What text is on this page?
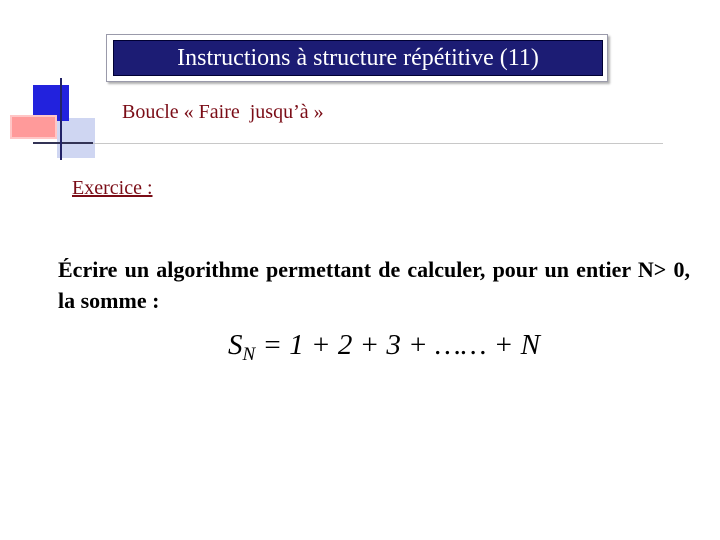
Instructions à structure répétitive (11)
Boucle « Faire  jusqu’à »
Exercice :
Écrire un algorithme permettant de calculer, pour un entier N> 0, la somme :
$S_N = 1 + 2 + 3$ + …… + N
